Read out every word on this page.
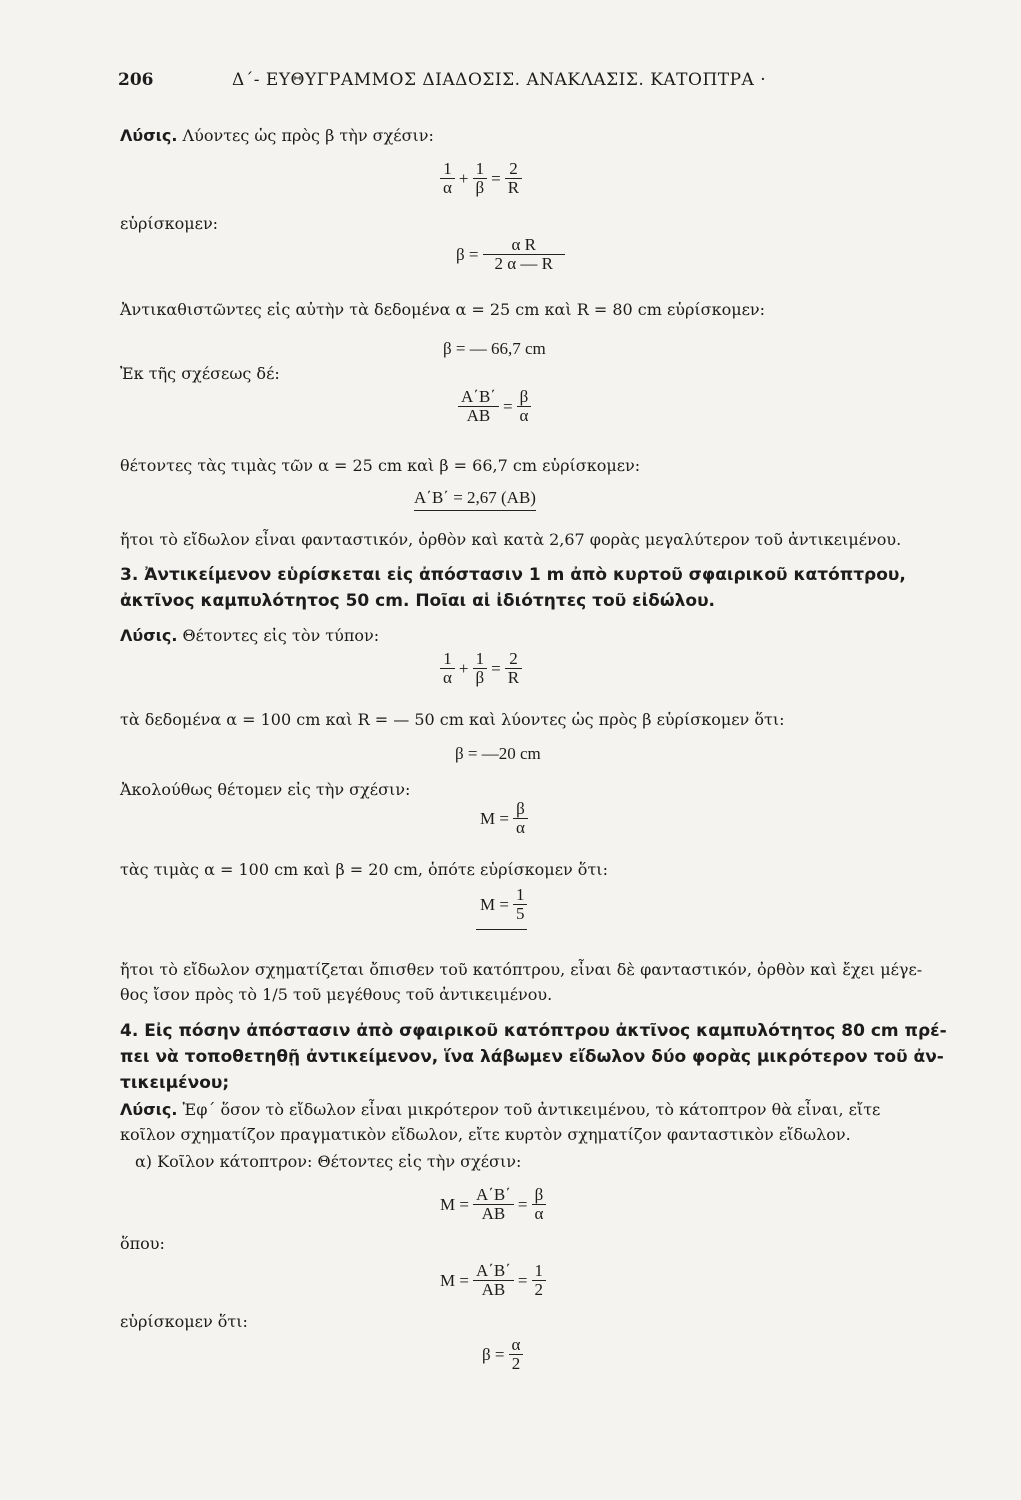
206	Δ΄- ΕΥΘΥΓΡΑΜΜΟΣ ΔΙΑΔΟΣΙΣ. ΑΝΑΚΛΑΣΙΣ. ΚΑΤΟΠΤΡΑ ·
Λύσις. Λύοντες ὡς πρὸς β τὴν σχέσιν:
$\frac{1}{\alpha} + \frac{1}{\beta} = \frac{2}{R}$
εὑρίσκομεν:
$\beta = \frac{\text{α R}}{2 \alpha — R}$
Ἀντικαθιστῶντες εἰς αὐτὴν τὰ δεδομένα α = 25 cm καὶ R = 80 cm εὑρίσκομεν:
β = — 66,7 cm
Ἐκ τῆς σχέσεως δέ:
$\frac{A΄B΄}{AB} = \frac{\beta}{\alpha}$
θέτοντες τὰς τιμὰς τῶν α = 25 cm καὶ β = 66,7 cm εὑρίσκομεν:
A΄B΄ = 2,67 (AB)
ἤτοι τὸ εἴδωλον εἶναι φανταστικόν, ὀρθὸν καὶ κατὰ 2,67 φορὰς μεγαλύτερον τοῦ ἀντικειμένου.
3. Ἀντικείμενον εὑρίσκεται εἰς ἀπόστασιν 1 m ἀπὸ κυρτοῦ σφαιρικοῦ κατόπτρου,
ἀκτῖνος καμπυλότητος 50 cm. Ποῖαι αἱ ἰδιότητες τοῦ εἰδώλου.
Λύσις. Θέτοντες εἰς τὸν τύπον:
$\frac{1}{\alpha} + \frac{1}{\beta} = \frac{2}{R}$
τὰ δεδομένα α = 100 cm καὶ R = — 50 cm καὶ λύοντες ὡς πρὸς β εὑρίσκομεν ὅτι:
β = —20 cm
Ἀκολούθως θέτομεν εἰς τὴν σχέσιν:
$M = \frac{\beta}{\alpha}$
τὰς τιμὰς α = 100 cm καὶ β = 20 cm, ὁπότε εὑρίσκομεν ὅτι:
$M = \frac{1}{5}$
ἤτοι τὸ εἴδωλον σχηματίζεται ὄπισθεν τοῦ κατόπτρου, εἶναι δὲ φανταστικόν, ὀρθὸν καὶ ἔχει μέγε-
θος ἴσον πρὸς τὸ 1/5 τοῦ μεγέθους τοῦ ἀντικειμένου.
4. Εἰς πόσην ἀπόστασιν ἀπὸ σφαιρικοῦ κατόπτρου ἀκτῖνος καμπυλότητος 80 cm πρέ-
πει νὰ τοποθετηθῇ ἀντικείμενον, ἵνα λάβωμεν εἴδωλον δύο φορὰς μικρότερον τοῦ ἀν-
τικειμένου;
Λύσις. Ἐφ΄ ὅσον τὸ εἴδωλον εἶναι μικρότερον τοῦ ἀντικειμένου, τὸ κάτοπτρον θὰ εἶναι, εἴτε
κοῖλον σχηματίζον πραγματικὸν εἴδωλον, εἴτε κυρτὸν σχηματίζον φανταστικὸν εἴδωλον.
α) Κοῖλον κάτοπτρον: Θέτοντες εἰς τὴν σχέσιν:
$M = \frac{A΄B΄}{AB} = \frac{\beta}{\alpha}$
ὅπου:
$M = \frac{A΄B΄}{AB} = \frac{1}{2}$
εὑρίσκομεν ὅτι:
$\beta = \frac{\alpha}{2}$
